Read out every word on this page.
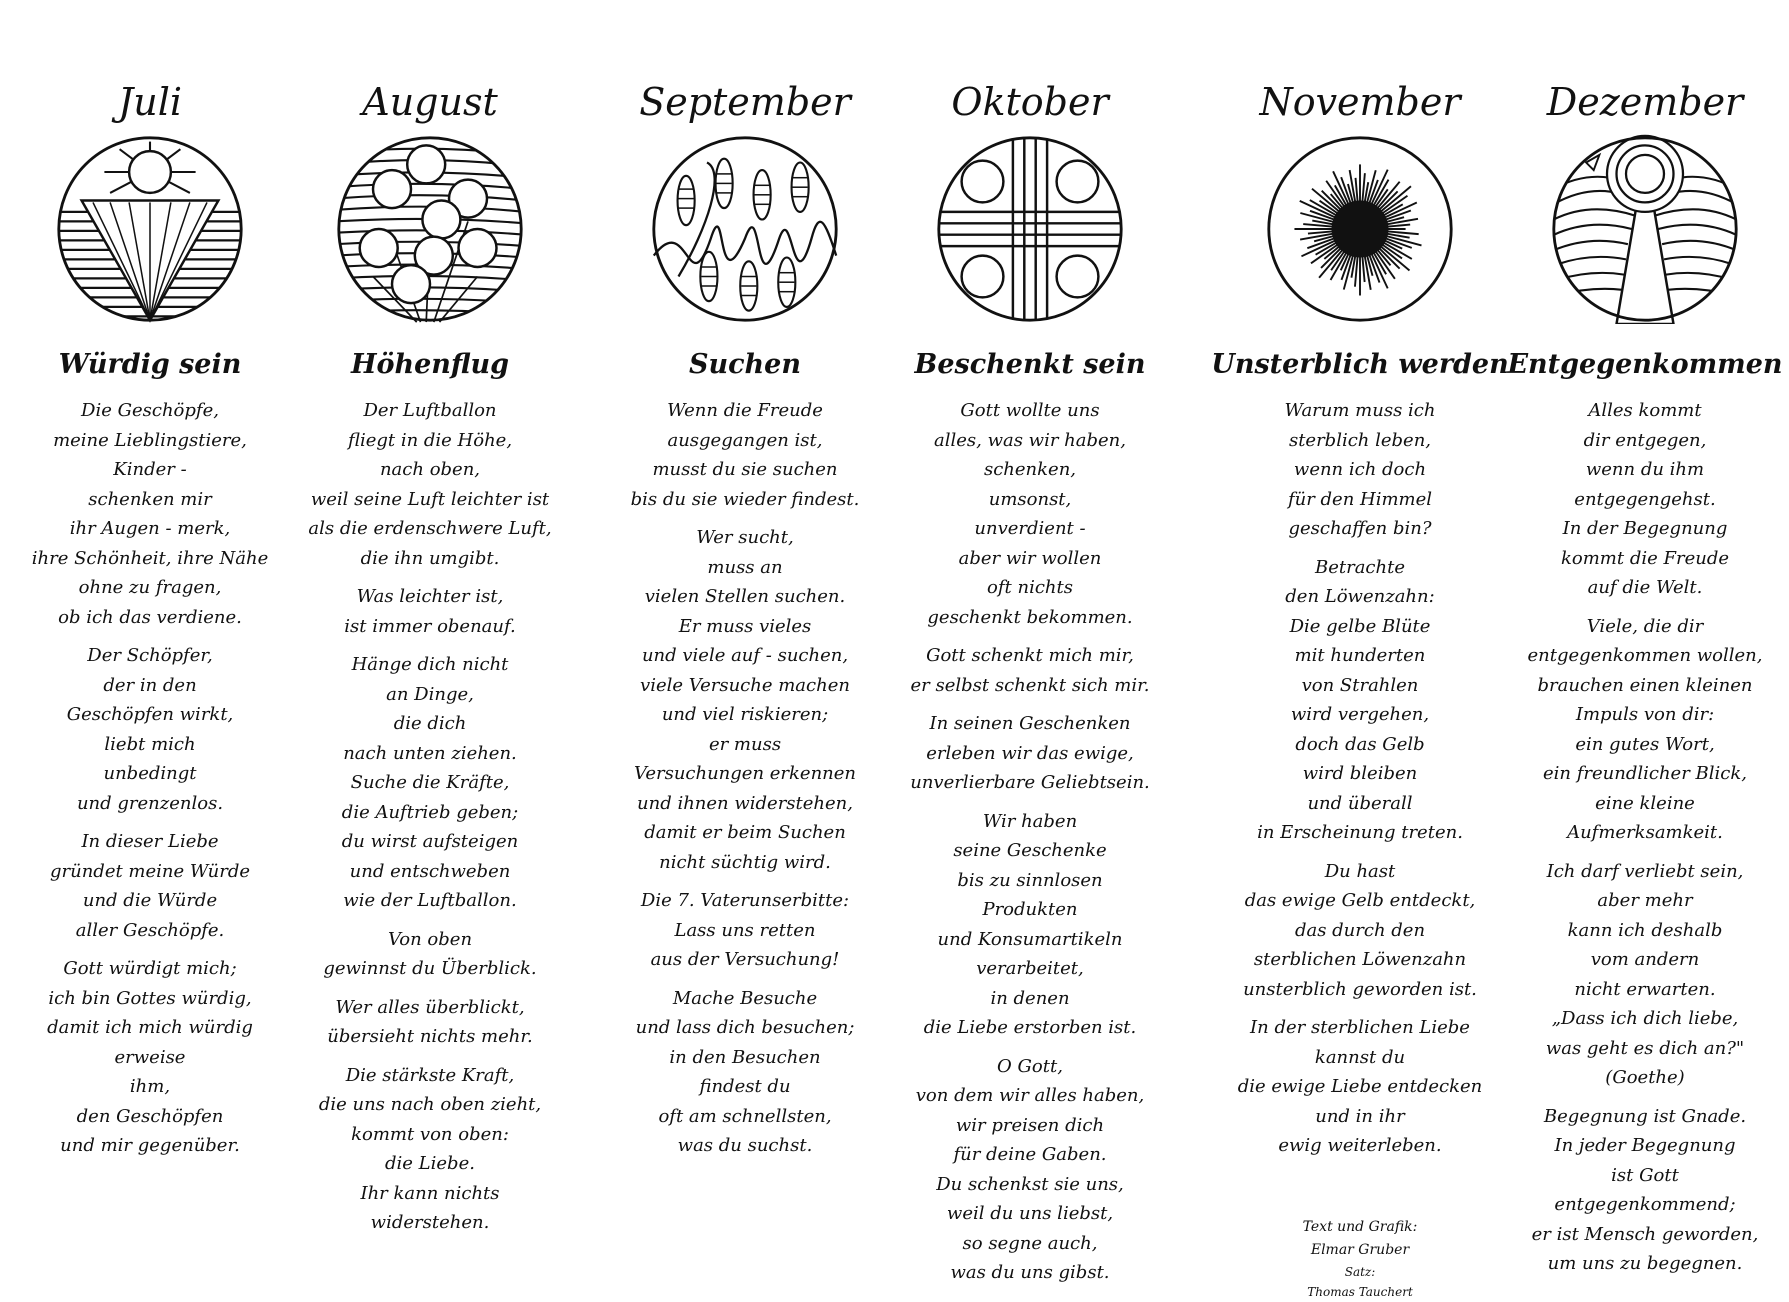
Juli
Würdig sein
Die Geschöpfe,
meine Lieblingstiere,
Kinder -
schenken mir
ihr Augen - merk,
ihre Schönheit, ihre Nähe
ohne zu fragen,
ob ich das verdiene.
Der Schöpfer,
der in den
Geschöpfen wirkt,
liebt mich
unbedingt
und grenzenlos.
In dieser Liebe
gründet meine Würde
und die Würde
aller Geschöpfe.
Gott würdigt mich;
ich bin Gottes würdig,
damit ich mich würdig
erweise
ihm,
den Geschöpfen
und mir gegenüber.
August
Höhenflug
Der Luftballon
fliegt in die Höhe,
nach oben,
weil seine Luft leichter ist
als die erdenschwere Luft,
die ihn umgibt.
Was leichter ist,
ist immer obenauf.
Hänge dich nicht
an Dinge,
die dich
nach unten ziehen.
Suche die Kräfte,
die Auftrieb geben;
du wirst aufsteigen
und entschweben
wie der Luftballon.
Von oben
gewinnst du Überblick.
Wer alles überblickt,
übersieht nichts mehr.
Die stärkste Kraft,
die uns nach oben zieht,
kommt von oben:
die Liebe.
Ihr kann nichts
widerstehen.
September
Suchen
Wenn die Freude
ausgegangen ist,
musst du sie suchen
bis du sie wieder findest.
Wer sucht,
muss an
vielen Stellen suchen.
Er muss vieles
und viele auf - suchen,
viele Versuche machen
und viel riskieren;
er muss
Versuchungen erkennen
und ihnen widerstehen,
damit er beim Suchen
nicht süchtig wird.
Die 7. Vaterunserbitte:
Lass uns retten
aus der Versuchung!
Mache Besuche
und lass dich besuchen;
in den Besuchen
findest du
oft am schnellsten,
was du suchst.
Oktober
Beschenkt sein
Gott wollte uns
alles, was wir haben,
schenken,
umsonst,
unverdient -
aber wir wollen
oft nichts
geschenkt bekommen.
Gott schenkt mich mir,
er selbst schenkt sich mir.
In seinen Geschenken
erleben wir das ewige,
unverlierbare Geliebtsein.
Wir haben
seine Geschenke
bis zu sinnlosen
Produkten
und Konsumartikeln
verarbeitet,
in denen
die Liebe erstorben ist.
O Gott,
von dem wir alles haben,
wir preisen dich
für deine Gaben.
Du schenkst sie uns,
weil du uns liebst,
so segne auch,
was du uns gibst.
November
Unsterblich werden
Warum muss ich
sterblich leben,
wenn ich doch
für den Himmel
geschaffen bin?
Betrachte
den Löwenzahn:
Die gelbe Blüte
mit hunderten
von Strahlen
wird vergehen,
doch das Gelb
wird bleiben
und überall
in Erscheinung treten.
Du hast
das ewige Gelb entdeckt,
das durch den
sterblichen Löwenzahn
unsterblich geworden ist.
In der sterblichen Liebe
kannst du
die ewige Liebe entdecken
und in ihr
ewig weiterleben.
Text und Grafik:
Elmar Gruber
Satz:
Thomas Tauchert
Dezember
Entgegenkommen
Alles kommt
dir entgegen,
wenn du ihm
entgegengehst.
In der Begegnung
kommt die Freude
auf die Welt.
Viele, die dir
entgegenkommen wollen,
brauchen einen kleinen
Impuls von dir:
ein gutes Wort,
ein freundlicher Blick,
eine kleine
Aufmerksamkeit.
Ich darf verliebt sein,
aber mehr
kann ich deshalb
vom andern
nicht erwarten.
„Dass ich dich liebe,
was geht es dich an?"
(Goethe)
Begegnung ist Gnade.
In jeder Begegnung
ist Gott
entgegenkommend;
er ist Mensch geworden,
um uns zu begegnen.
